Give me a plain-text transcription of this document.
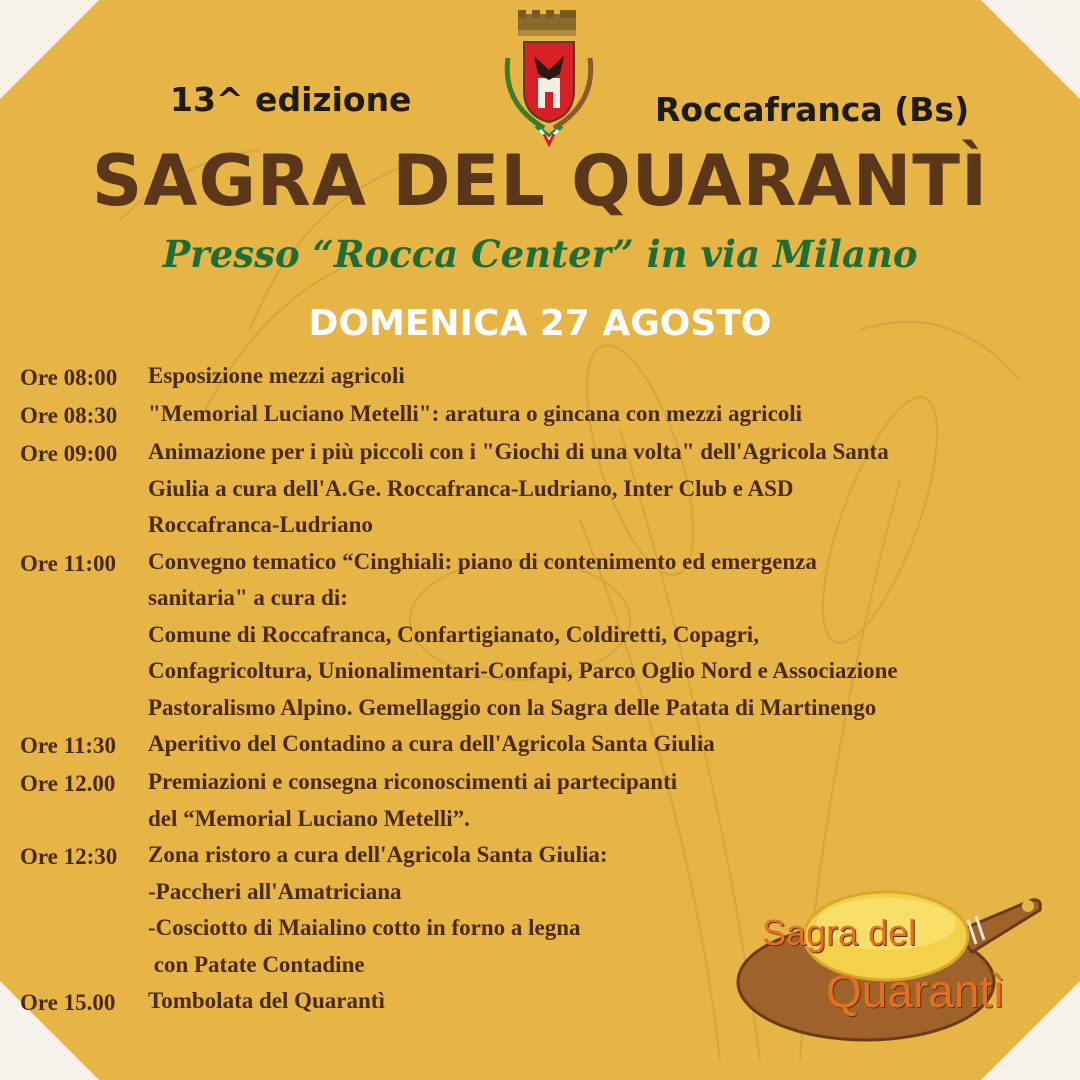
13^ edizione	Roccafranca (Bs)
SAGRA DEL QUARANTÌ
Presso “Rocca Center” in via Milano
DOMENICA 27 AGOSTO
Ore 08:00	Esposizione mezzi agricoli
Ore 08:30	"Memorial Luciano Metelli": aratura o gincana con mezzi agricoli
Ore 09:00	Animazione per i più piccoli con i "Giochi di una volta" dell'Agricola Santa
Giulia a cura dell'A.Ge. Roccafranca-Ludriano, Inter Club e ASD
Roccafranca-Ludriano
Ore 11:00	Convegno tematico “Cinghiali: piano di contenimento ed emergenza
sanitaria" a cura di:
Comune di Roccafranca, Confartigianato, Coldiretti, Copagri,
Confagricoltura, Unionalimentari-Confapi, Parco Oglio Nord e Associazione
Pastoralismo Alpino. Gemellaggio con la Sagra delle Patata di Martinengo
Ore 11:30	Aperitivo del Contadino a cura dell'Agricola Santa Giulia
Ore 12.00	Premiazioni e consegna riconoscimenti ai partecipanti
del “Memorial Luciano Metelli”.
Ore 12:30	Zona ristoro a cura dell'Agricola Santa Giulia:
-Paccheri all'Amatriciana
-Cosciotto di Maialino cotto in forno a legna
con Patate Contadine
Ore 15.00	Tombolata del Quarantì
Sagra del
Quarantì
